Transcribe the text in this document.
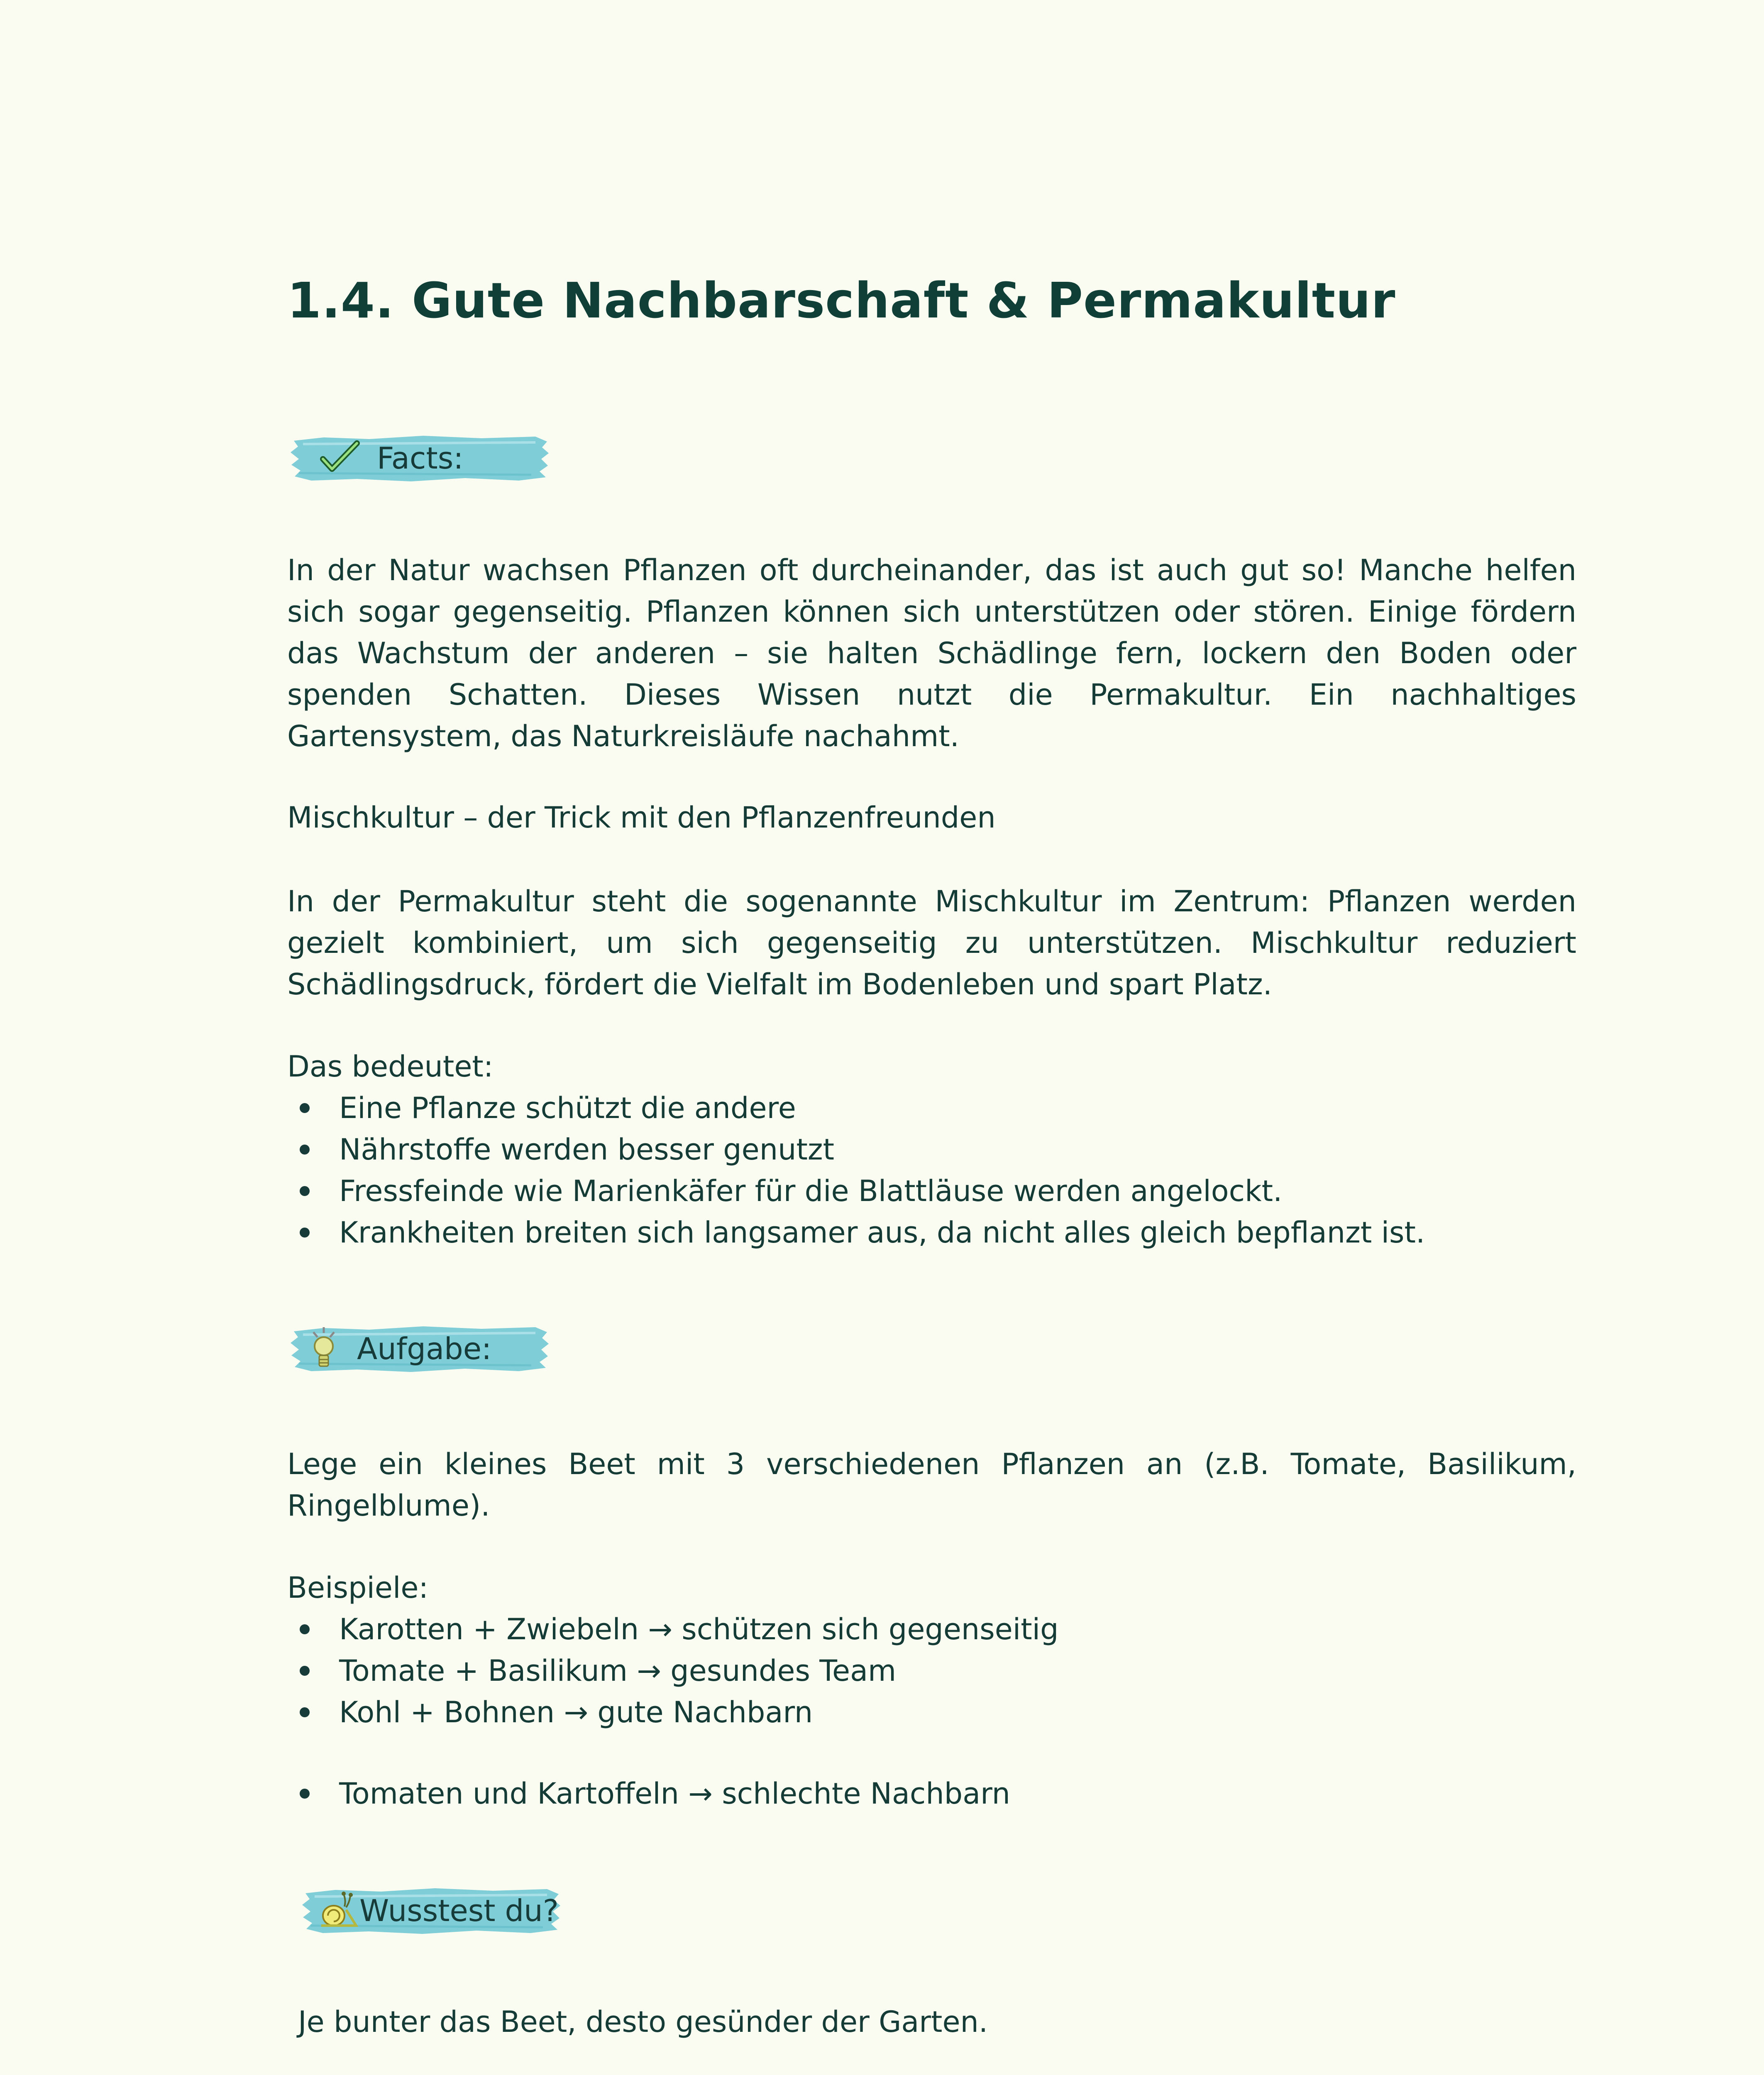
1.4. Gute Nachbarschaft & Permakultur
Facts:

In der Natur wachsen Pflanzen oft durcheinander, das ist auch gut so! Manche helfen sich sogar gegenseitig. Pflanzen können sich unterstützen oder stören. Einige fördern das Wachstum der anderen – sie halten Schädlinge fern, lockern den Boden oder spenden Schatten. Dieses Wissen nutzt die Permakultur. Ein nachhaltiges Gartensystem, das Naturkreisläufe nachahmt.

Mischkultur – der Trick mit den Pflanzenfreunden

In der Permakultur steht die sogenannte Mischkultur im Zentrum: Pflanzen werden gezielt kombiniert, um sich gegenseitig zu unterstützen. Mischkultur reduziert Schädlingsdruck, fördert die Vielfalt im Bodenleben und spart Platz.

Das bedeutet:

Eine Pflanze schützt die andere
Nährstoffe werden besser genutzt
Fressfeinde wie Marienkäfer für die Blattläuse werden angelockt.
Krankheiten breiten sich langsamer aus, da nicht alles gleich bepflanzt ist.
Aufgabe:

Lege ein kleines Beet mit 3 verschiedenen Pflanzen an (z.B. Tomate, Basilikum, Ringelblume).

Beispiele:

Karotten + Zwiebeln → schützen sich gegenseitig
Tomate + Basilikum → gesundes Team
Kohl + Bohnen → gute Nachbarn
Tomaten und Kartoffeln → schlechte Nachbarn
Wusstest du?

Je bunter das Beet, desto gesünder der Garten.
